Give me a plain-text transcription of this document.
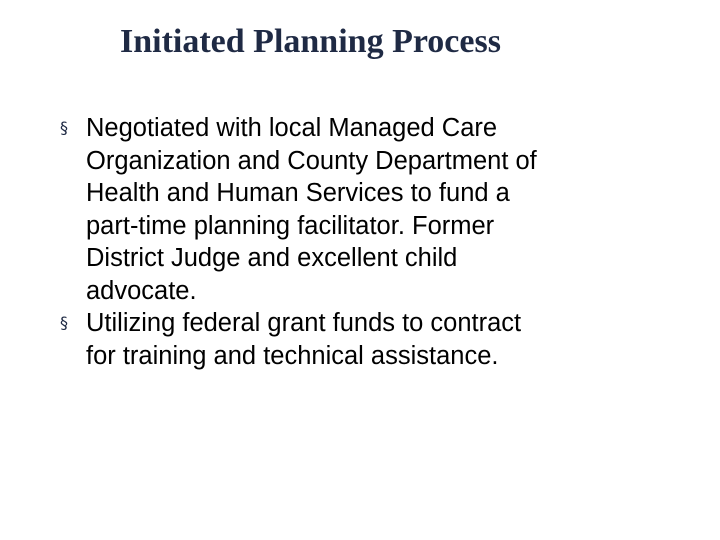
Initiated Planning Process
§ Negotiated with local Managed Care
Organization and County Department of
Health and Human Services to fund a
part-time planning facilitator. Former
District Judge and excellent child
advocate.
§ Utilizing federal grant funds to contract
for training and technical assistance.
